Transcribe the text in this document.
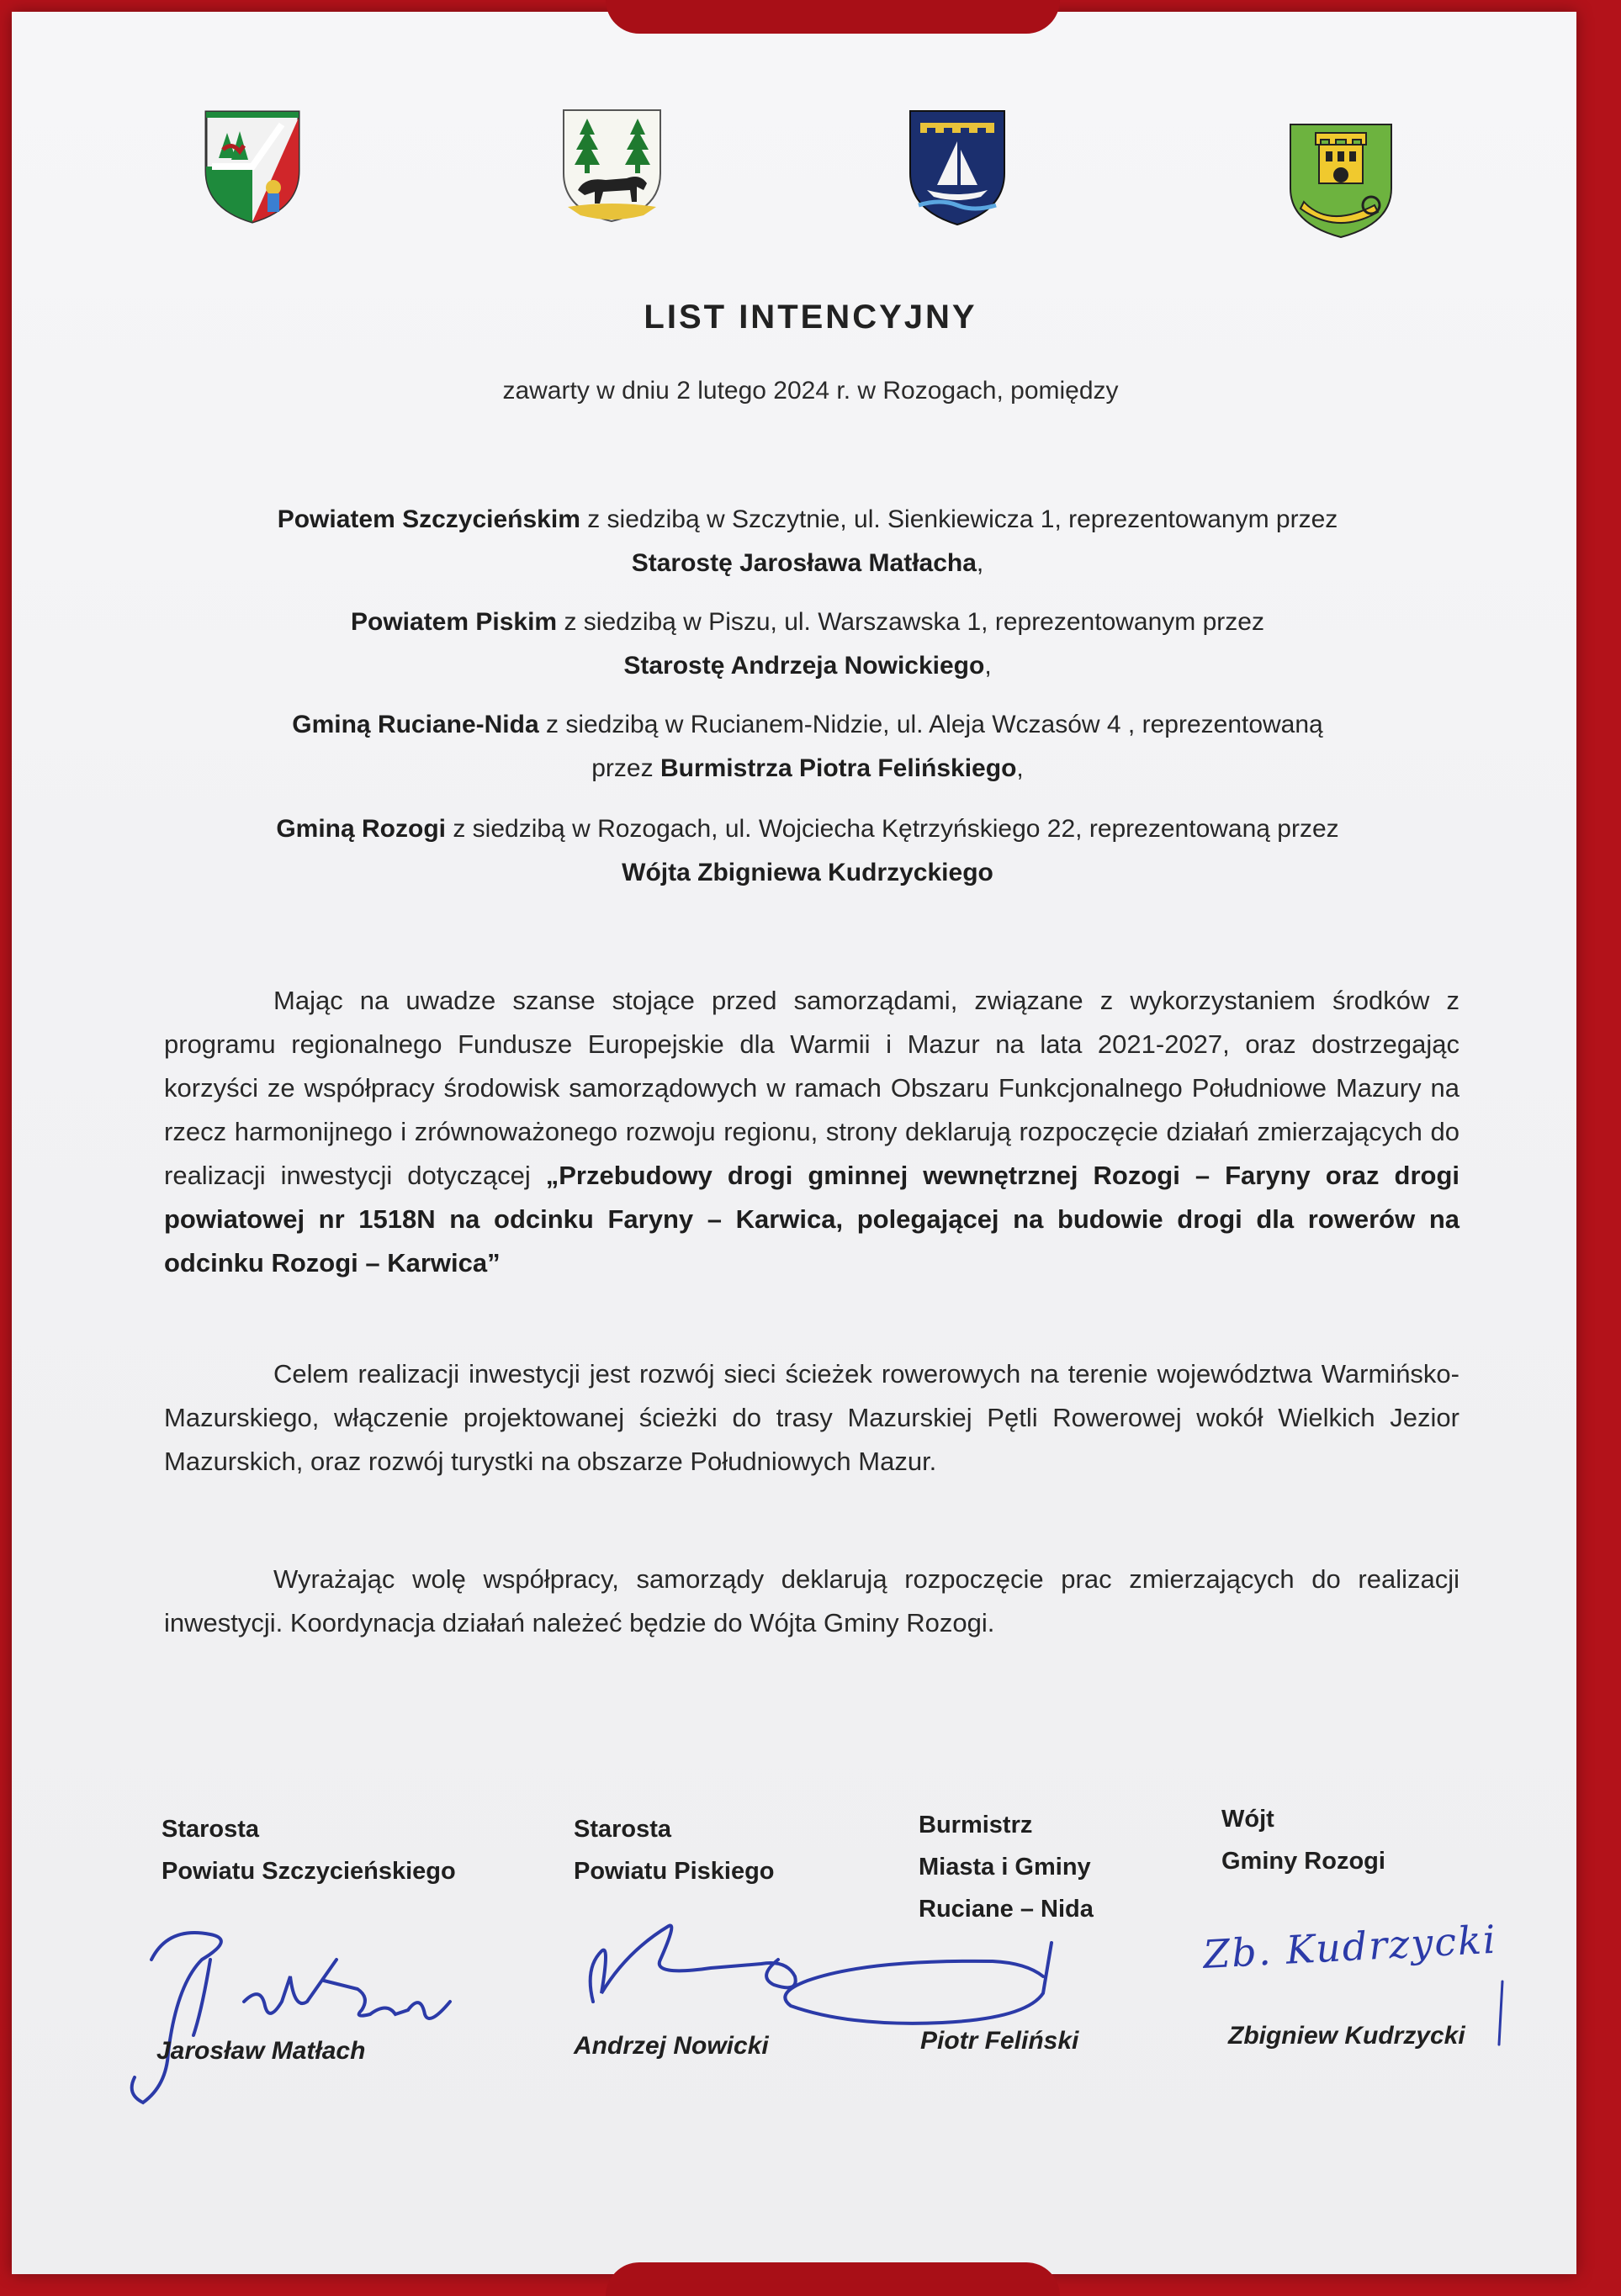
LIST INTENCYJNY
zawarty w dniu 2 lutego 2024 r. w Rozogach, pomiędzy
Powiatem Szczycieńskim z siedzibą w Szczytnie, ul. Sienkiewicza 1, reprezentowanym przez
Starostę Jarosława Matłacha,
Powiatem Piskim z siedzibą w Piszu, ul. Warszawska 1, reprezentowanym przez
Starostę Andrzeja Nowickiego,
Gminą Ruciane-Nida z siedzibą w Rucianem-Nidzie, ul. Aleja Wczasów 4 , reprezentowaną
przez Burmistrza Piotra Felińskiego,
Gminą Rozogi z siedzibą w Rozogach, ul. Wojciecha Kętrzyńskiego 22, reprezentowaną przez
Wójta Zbigniewa Kudrzyckiego
Mając na uwadze szanse stojące przed samorządami, związane z wykorzystaniem środków z programu regionalnego Fundusze Europejskie dla Warmii i Mazur na lata 2021-2027, oraz dostrzegając korzyści ze współpracy środowisk samorządowych w ramach Obszaru Funkcjonalnego Południowe Mazury na rzecz harmonijnego i zrównoważonego rozwoju regionu, strony deklarują rozpoczęcie działań zmierzających do realizacji inwestycji dotyczącej „Przebudowy drogi gminnej wewnętrznej Rozogi – Faryny oraz drogi powiatowej nr 1518N na odcinku Faryny – Karwica, polegającej na budowie drogi dla rowerów na odcinku Rozogi – Karwica”
Celem realizacji inwestycji jest rozwój sieci ścieżek rowerowych na terenie województwa Warmińsko-Mazurskiego, włączenie projektowanej ścieżki do trasy Mazurskiej Pętli Rowerowej wokół Wielkich Jezior Mazurskich, oraz rozwój turystki na obszarze Południowych Mazur.
Wyrażając wolę współpracy, samorządy deklarują rozpoczęcie prac zmierzających do realizacji inwestycji. Koordynacja działań należeć będzie do Wójta Gminy Rozogi.
Starosta
Powiatu Szczycieńskiego
Starosta
Powiatu Piskiego
Burmistrz
Miasta i Gminy
Ruciane – Nida
Wójt
Gminy Rozogi
Jarosław Matłach	Andrzej Nowicki	Piotr Feliński
Zb. Kudrzycki
Zbigniew Kudrzycki
